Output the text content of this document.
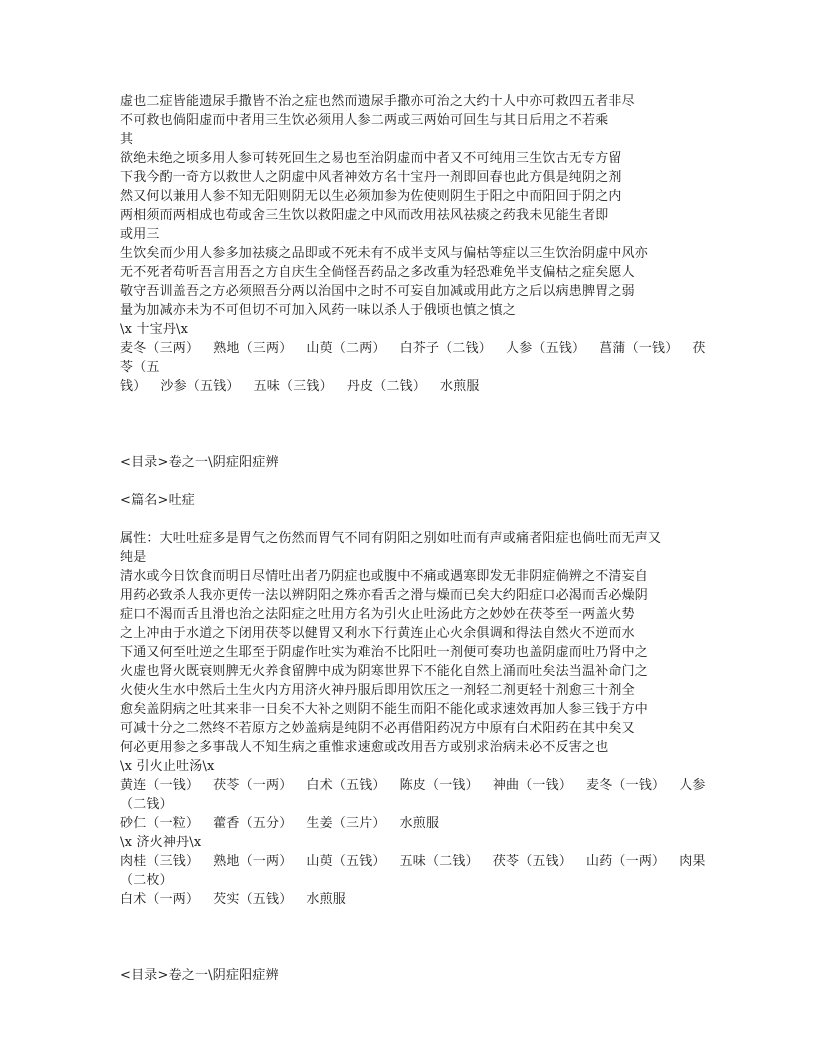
虚也二症皆能遗尿手撒皆不治之症也然而遗尿手撒亦可治之大约十人中亦可救四五者非尽
不可救也倘阳虚而中者用三生饮必须用人参二两或三两始可回生与其日后用之不若乘
其
欲绝未绝之顷多用人参可转死回生之易也至治阴虚而中者又不可纯用三生饮古无专方留
下我今酌一奇方以救世人之阴虚中风者神效方名十宝丹一剂即回春也此方俱是纯阴之剂
然又何以兼用人参不知无阳则阴无以生必须加参为佐使则阴生于阳之中而阳回于阴之内
两相须而两相成也苟或舍三生饮以救阳虚之中风而改用祛风祛痰之药我未见能生者即
或用三
生饮矣而少用人参多加祛痰之品即或不死未有不成半支风与偏枯等症以三生饮治阴虚中风亦
无不死者苟听吾言用吾之方自庆生全倘怪吾药品之多改重为轻恐难免半支偏枯之症矣愿人
敬守吾训盖吾之方必须照吾分两以治国中之时不可妄自加减或用此方之后以病患脾胃之弱
量为加减亦未为不可但切不可加入风药一味以杀人于俄顷也慎之慎之
\x 十宝丹\x
麦冬（三两） 熟地（三两） 山萸（二两） 白芥子（二钱） 人参（五钱） 菖蒲（一钱） 茯
苓（五
钱） 沙参（五钱） 五味（三钱） 丹皮（二钱） 水煎服
<目录>卷之一\阴症阳症辨
<篇名>吐症
属性：大吐吐症多是胃气之伤然而胃气不同有阴阳之别如吐而有声或痛者阳症也倘吐而无声又
纯是
清水或今日饮食而明日尽情吐出者乃阴症也或腹中不痛或遇寒即发无非阴症倘辨之不清妄自
用药必致杀人我亦更传一法以辨阴阳之殊亦看舌之滑与燥而已矣大约阳症口必渴而舌必燥阴
症口不渴而舌且滑也治之法阳症之吐用方名为引火止吐汤此方之妙妙在茯苓至一两盖火势
之上冲由于水道之下闭用茯苓以健胃又利水下行黄连止心火余俱调和得法自然火不逆而水
下通又何至吐逆之生耶至于阴虚作吐实为难治不比阳吐一剂便可奏功也盖阴虚而吐乃肾中之
火虚也肾火既衰则脾无火养食留脾中成为阴寒世界下不能化自然上涌而吐矣法当温补命门之
火使火生水中然后土生火内方用济火神丹服后即用饮压之一剂轻二剂更轻十剂愈三十剂全
愈矣盖阴病之吐其来非一日矣不大补之则阴不能生而阳不能化或求速效再加人参三钱于方中
可减十分之二然终不若原方之妙盖病是纯阴不必再借阳药况方中原有白术阳药在其中矣又
何必更用参之多事哉人不知生病之重惟求速愈或改用吾方或别求治病未必不反害之也
\x 引火止吐汤\x
黄连（一钱） 茯苓（一两） 白术（五钱） 陈皮（一钱） 神曲（一钱） 麦冬（一钱） 人参
（二钱）
砂仁（一粒） 藿香（五分） 生姜（三片） 水煎服
\x 济火神丹\x
肉桂（三钱） 熟地（一两） 山萸（五钱） 五味（二钱） 茯苓（五钱） 山药（一两） 肉果
（二枚）
白术（一两） 芡实（五钱） 水煎服
<目录>卷之一\阴症阳症辨
